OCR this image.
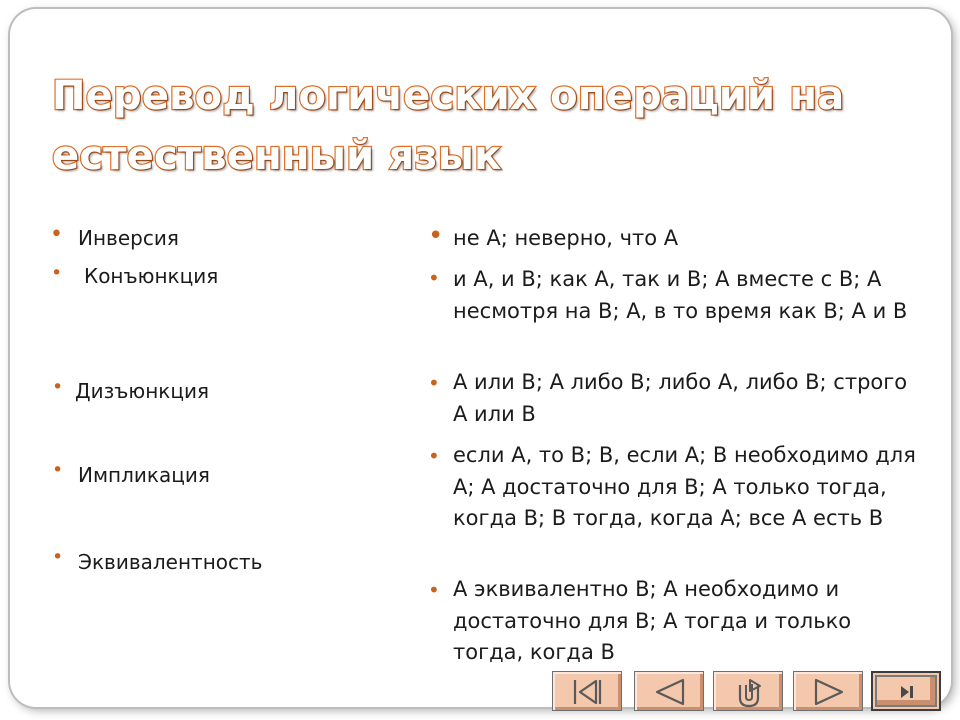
Перевод логических операций на естественный язык
• Инверсия
• Конъюнкция
• Дизъюнкция
• Импликация
• Эквивалентность
• не А; неверно, что А

• и А, и В; как А, так и В; А вместе с В; А несмотря на В; А, в то время как В; А и В

• А или В; А либо В; либо А, либо В; строго А или В

• если А, то В; В, если А; В необходимо для А; А достаточно для В; А только тогда, когда В; В тогда, когда А; все А есть В

• А эквивалентно В; А необходимо и достаточно для В; А тогда и только тогда, когда В
